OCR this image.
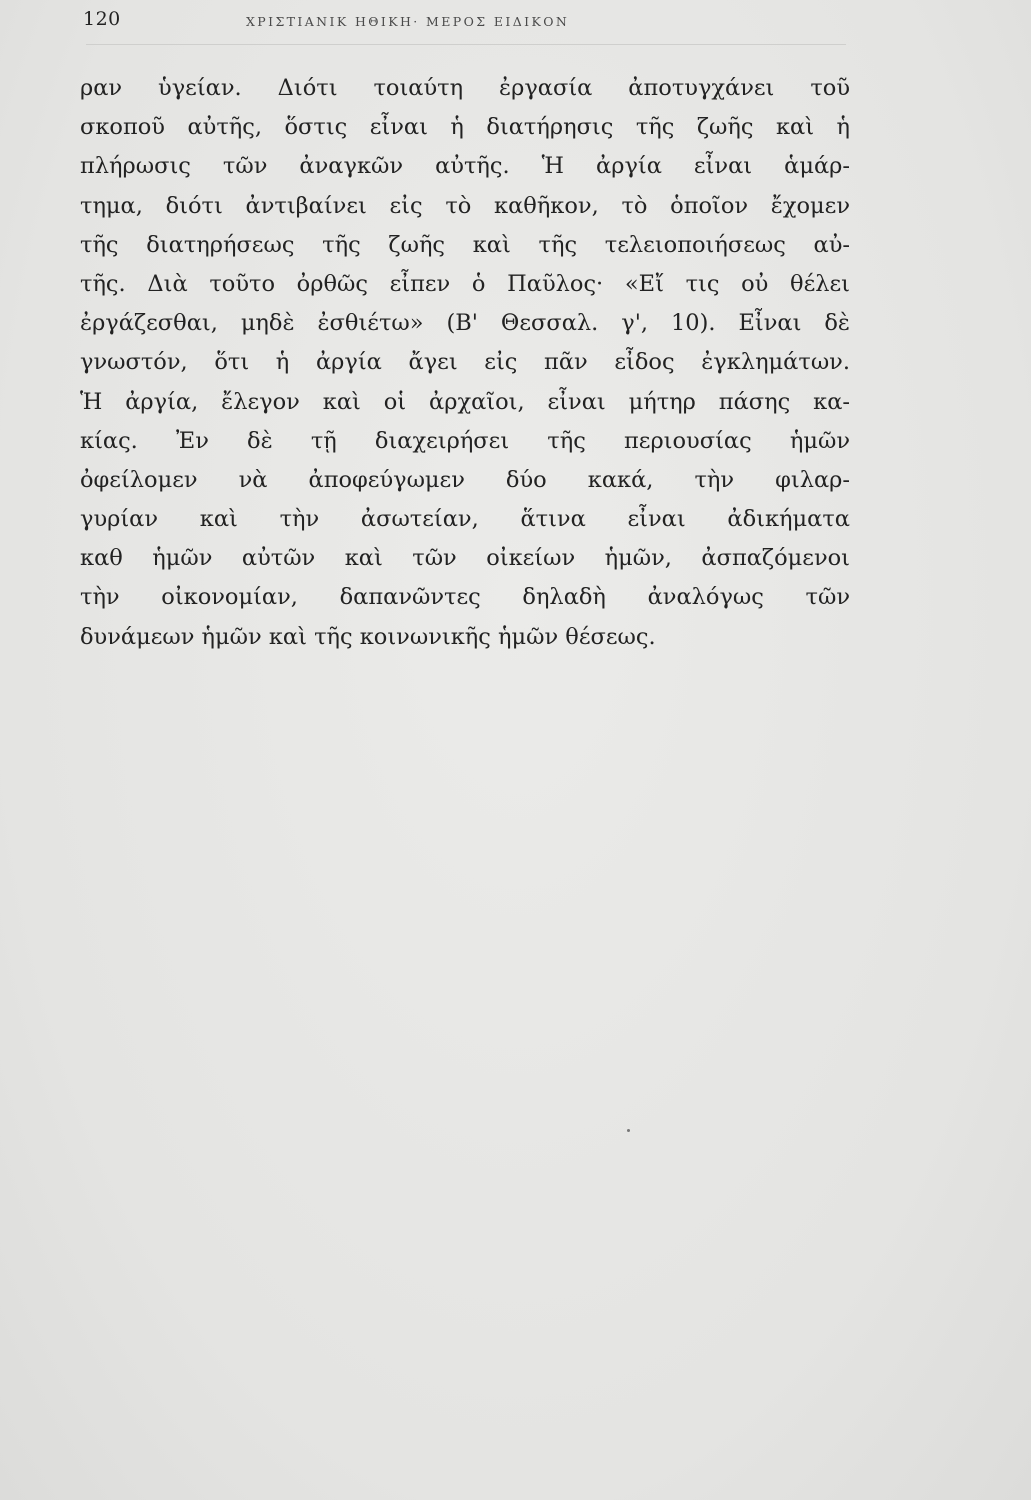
120	ΧΡΙΣΤΙΑΝΙΚ ΗΘΙΚΗ· ΜΕΡΟΣ ΕΙΔΙΚΟΝ
ραν ὑγείαν. Διότι τοιαύτη ἐργασία ἀποτυγχάνει τοῦ
σκοποῦ αὐτῆς, ὅστις εἶναι ἡ διατήρησις τῆς ζωῆς καὶ ἡ
πλήρωσις τῶν ἀναγκῶν αὐτῆς. Ἡ ἀργία εἶναι ἁμάρ-
τημα, διότι ἀντιβαίνει εἰς τὸ καθῆκον, τὸ ὁποῖον ἔχομεν
τῆς διατηρήσεως τῆς ζωῆς καὶ τῆς τελειοποιήσεως αὐ-
τῆς. Διὰ τοῦτο ὀρθῶς εἶπεν ὁ Παῦλος· «Εἴ τις οὐ θέλει
ἐργάζεσθαι, μηδὲ ἐσθιέτω» (Β' Θεσσαλ. γ', 10). Εἶναι δὲ
γνωστόν, ὅτι ἡ ἀργία ἄγει εἰς πᾶν εἶδος ἐγκλημάτων.
Ἡ ἀργία, ἔλεγον καὶ οἱ ἀρχαῖοι, εἶναι μήτηρ πάσης κα-
κίας. Ἐν δὲ τῇ διαχειρήσει τῆς περιουσίας ἡμῶν
ὀφείλομεν νὰ ἀποφεύγωμεν δύο κακά, τὴν φιλαρ-
γυρίαν καὶ τὴν ἀσωτείαν, ἅτινα εἶναι ἀδικήματα
καθ ἡμῶν αὐτῶν καὶ τῶν οἰκείων ἡμῶν, ἀσπαζόμενοι
τὴν οἰκονομίαν, δαπανῶντες δηλαδὴ ἀναλόγως τῶν
δυνάμεων ἡμῶν καὶ τῆς κοινωνικῆς ἡμῶν θέσεως.
